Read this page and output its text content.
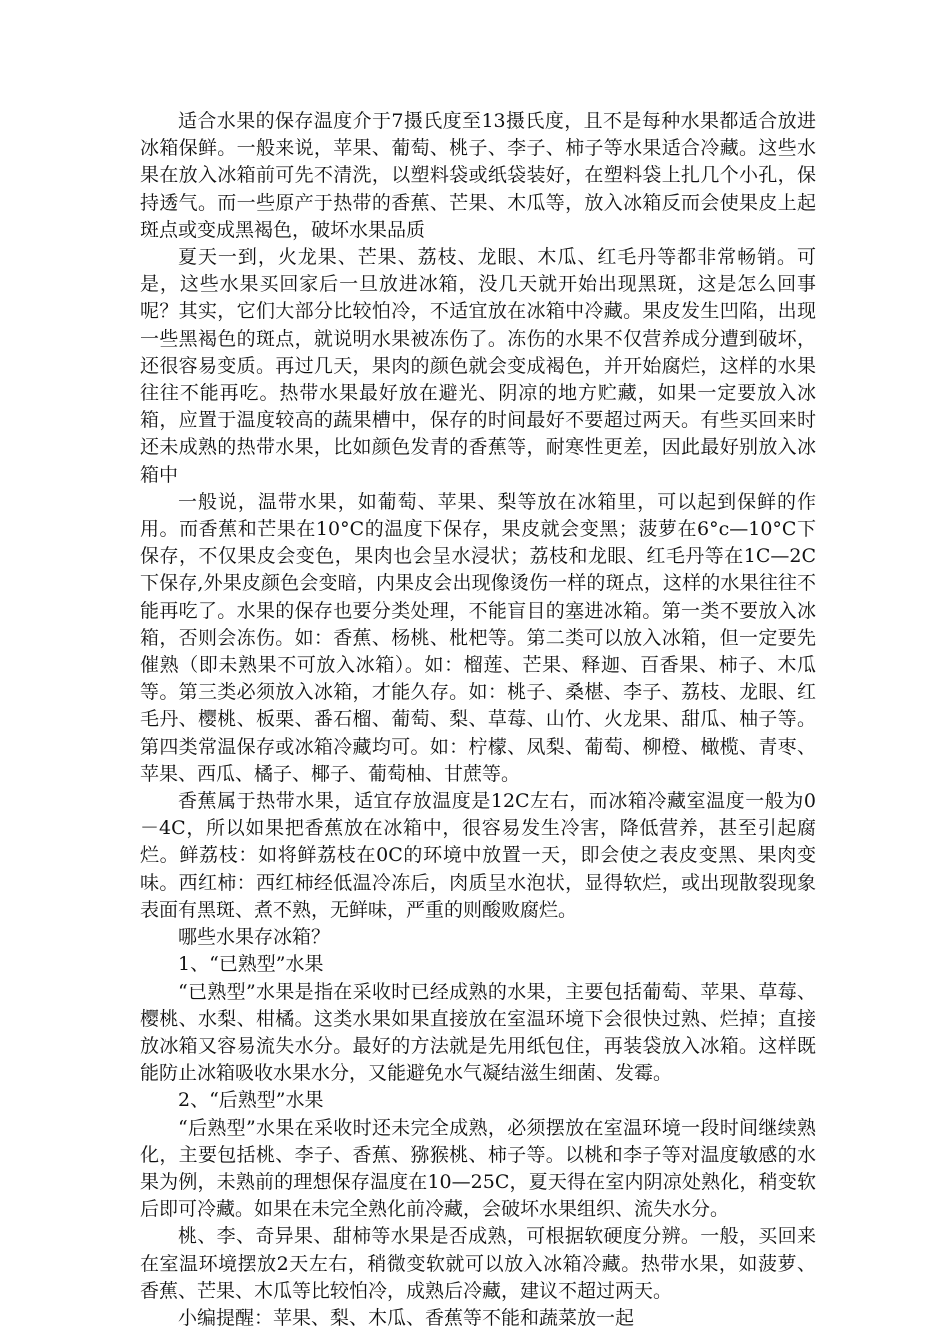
适合水果的保存温度介于7摄氏度至13摄氏度，且不是每种水果都适合放进冰箱保鲜。一般来说，苹果、葡萄、桃子、李子、柿子等水果适合冷藏。这些水果在放入冰箱前可先不清洗，以塑料袋或纸袋装好，在塑料袋上扎几个小孔，保持透气。而一些原产于热带的香蕉、芒果、木瓜等，放入冰箱反而会使果皮上起斑点或变成黑褐色，破坏水果品质

夏天一到，火龙果、芒果、荔枝、龙眼、木瓜、红毛丹等都非常畅销。可是，这些水果买回家后一旦放进冰箱，没几天就开始出现黑斑，这是怎么回事呢？其实，它们大部分比较怕冷，不适宜放在冰箱中冷藏。果皮发生凹陷，出现一些黑褐色的斑点，就说明水果被冻伤了。冻伤的水果不仅营养成分遭到破坏，还很容易变质。再过几天，果肉的颜色就会变成褐色，并开始腐烂，这样的水果往往不能再吃。热带水果最好放在避光、阴凉的地方贮藏，如果一定要放入冰箱，应置于温度较高的蔬果槽中，保存的时间最好不要超过两天。有些买回来时还未成熟的热带水果，比如颜色发青的香蕉等，耐寒性更差，因此最好别放入冰箱中

一般说，温带水果，如葡萄、苹果、梨等放在冰箱里，可以起到保鲜的作用。而香蕉和芒果在10°C的温度下保存，果皮就会变黑；菠萝在6°c—10°C下保存，不仅果皮会变色，果肉也会呈水浸状；荔枝和龙眼、红毛丹等在1C—2C下保存,外果皮颜色会变暗，内果皮会出现像烫伤一样的斑点，这样的水果往往不能再吃了。水果的保存也要分类处理，不能盲目的塞进冰箱。第一类不要放入冰箱，否则会冻伤。如：香蕉、杨桃、枇杷等。第二类可以放入冰箱，但一定要先催熟（即未熟果不可放入冰箱）。如：榴莲、芒果、释迦、百香果、柿子、木瓜等。第三类必须放入冰箱，才能久存。如：桃子、桑椹、李子、荔枝、龙眼、红毛丹、樱桃、板栗、番石榴、葡萄、梨、草莓、山竹、火龙果、甜瓜、柚子等。第四类常温保存或冰箱冷藏均可。如：柠檬、凤梨、葡萄、柳橙、橄榄、青枣、苹果、西瓜、橘子、椰子、葡萄柚、甘蔗等。

香蕉属于热带水果，适宜存放温度是12C左右，而冰箱冷藏室温度一般为0－4C，所以如果把香蕉放在冰箱中，很容易发生冷害，降低营养，甚至引起腐烂。鲜荔枝：如将鲜荔枝在0C的环境中放置一天，即会使之表皮变黑、果肉变味。西红柿：西红柿经低温冷冻后，肉质呈水泡状，显得软烂，或出现散裂现象表面有黑斑、煮不熟，无鲜味，严重的则酸败腐烂。

哪些水果存冰箱？

1、“已熟型”水果

“已熟型”水果是指在采收时已经成熟的水果，主要包括葡萄、苹果、草莓、樱桃、水梨、柑橘。这类水果如果直接放在室温环境下会很快过熟、烂掉；直接放冰箱又容易流失水分。最好的方法就是先用纸包住，再装袋放入冰箱。这样既能防止冰箱吸收水果水分，又能避免水气凝结滋生细菌、发霉。

2、“后熟型”水果

“后熟型”水果在采收时还未完全成熟，必须摆放在室温环境一段时间继续熟化，主要包括桃、李子、香蕉、猕猴桃、柿子等。以桃和李子等对温度敏感的水果为例，未熟前的理想保存温度在10—25C，夏天得在室内阴凉处熟化，稍变软后即可冷藏。如果在未完全熟化前冷藏，会破坏水果组织、流失水分。

桃、李、奇异果、甜柿等水果是否成熟，可根据软硬度分辨。一般，买回来在室温环境摆放2天左右，稍微变软就可以放入冰箱冷藏。热带水果，如菠萝、香蕉、芒果、木瓜等比较怕冷，成熟后冷藏，建议不超过两天。

小编提醒：苹果、梨、木瓜、香蕉等不能和蔬菜放一起
